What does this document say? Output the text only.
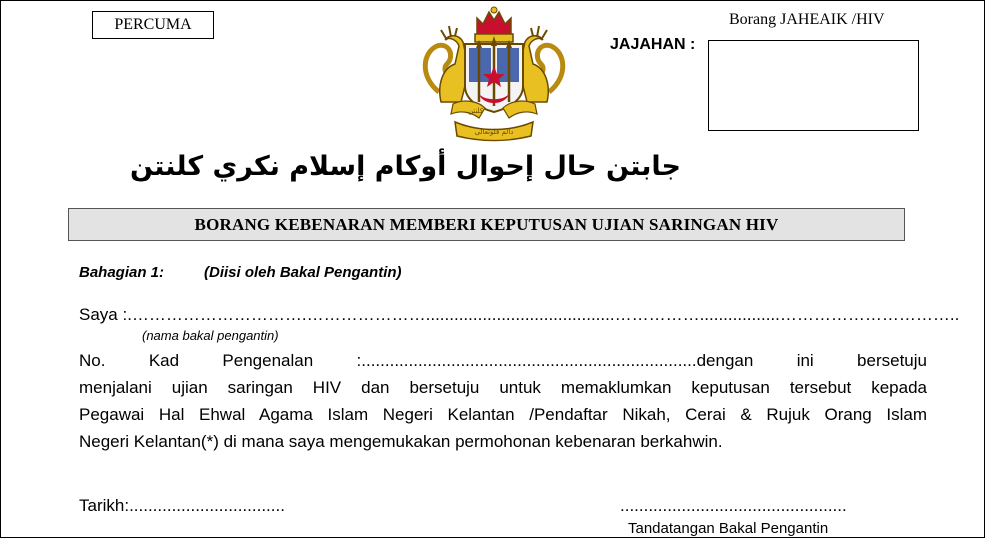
PERCUMA	Borang JAHEAIK /HIV
JAJAHAN :
كلنتن
دالم قلوتعالى
جابتن حال إحوال أوكام إسلام نكري كلنتن
BORANG KEBENARAN MEMBERI KEPUTUSAN UJIAN SARINGAN HIV
Bahagian 1:	(Diisi oleh Bakal Pengantin)
Saya :.………………………….…………………........................................…………….................…………………………..
(nama bakal pengantin)
No. Kad Pengenalan :.......................................................................dengan ini bersetuju
menjalani ujian saringan HIV dan bersetuju untuk memaklumkan keputusan tersebut kepada
Pegawai Hal Ehwal Agama Islam Negeri Kelantan /Pendaftar Nikah, Cerai & Rujuk Orang Islam
Negeri Kelantan(*) di mana saya mengemukakan permohonan kebenaran berkahwin.
Tarikh:.................................	................................................
Tandatangan Bakal Pengantin
